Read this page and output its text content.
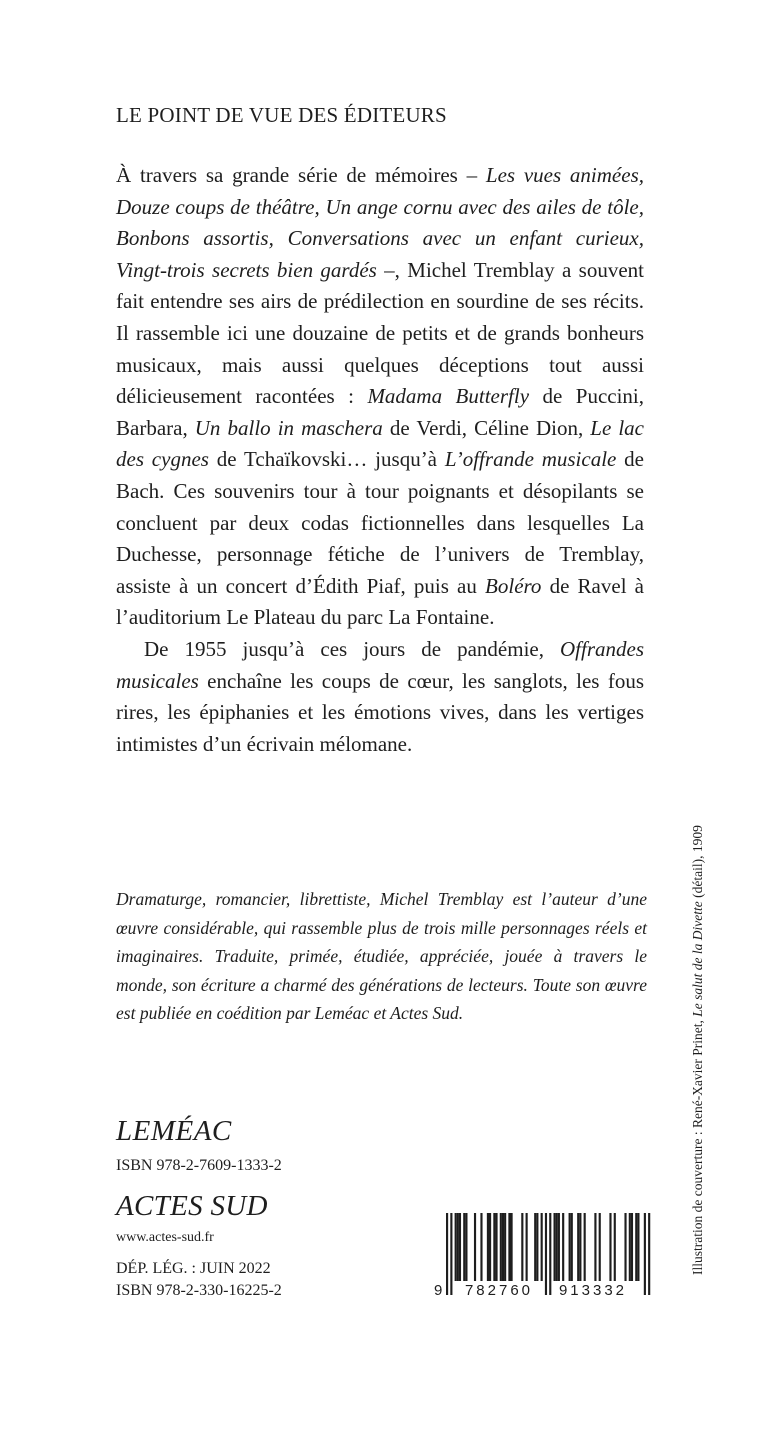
LE POINT DE VUE DES ÉDITEURS

À travers sa grande série de mémoires – Les vues animées, Douze coups de théâtre, Un ange cornu avec des ailes de tôle, Bonbons assortis, Conversations avec un enfant curieux, Vingt-trois secrets bien gardés –, Michel Tremblay a souvent fait entendre ses airs de prédilection en sourdine de ses récits. Il rassemble ici une douzaine de petits et de grands bonheurs musicaux, mais aussi quelques déceptions tout aussi délicieusement racontées : Madama Butterfly de Puccini, Barbara, Un ballo in maschera de Verdi, Céline Dion, Le lac des cygnes de Tchaïkovski… jusqu’à L’offrande musicale de Bach. Ces souvenirs tour à tour poignants et désopilants se concluent par deux codas fictionnelles dans lesquelles La Duchesse, personnage fétiche de l’univers de Tremblay, assiste à un concert d’Édith Piaf, puis au Boléro de Ravel à l’auditorium Le Plateau du parc La Fontaine.

De 1955 jusqu’à ces jours de pandémie, Offrandes musicales enchaîne les coups de cœur, les sanglots, les fous rires, les épiphanies et les émotions vives, dans les vertiges intimistes d’un écrivain mélomane.

Dramaturge, romancier, librettiste, Michel Tremblay est l’auteur d’une œuvre considérable, qui rassemble plus de trois mille personnages réels et imaginaires. Traduite, primée, étudiée, appréciée, jouée à travers le monde, son écriture a charmé des générations de lecteurs. Toute son œuvre est publiée en coédition par Leméac et Actes Sud.

LEMÉAC
ISBN 978-2-7609-1333-2
ACTES SUD
www.actes-sud.fr
DÉP. LÉG. : JUIN 2022
ISBN 978-2-330-16225-2	9 782760 913332
Illustration de couverture : René-Xavier Prinet, Le salut de la Divette (détail), 1909
